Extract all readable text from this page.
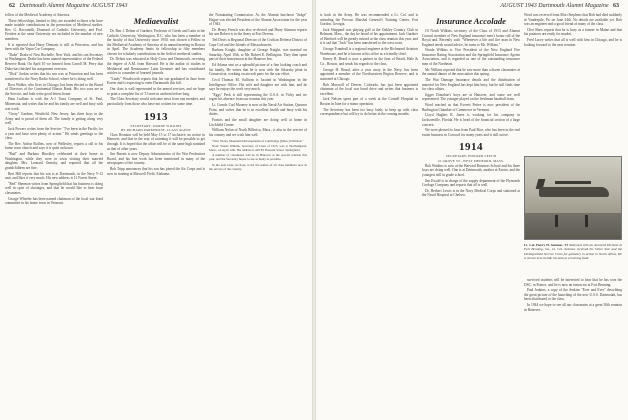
62 Dartmouth Alumni Magazine AUGUST 1943

fellow of the Medieval Academy of America.

These fellowships, limited to fifty, are awarded to those who have made notable contributions in the promotion of Medieval studies. Rev. G. Raccanelli, Donnard of Catholic University, and Prof. Ferrière at the same University are included in the number of new members.

It is reported that Harry Demaris is still at Princeton, and has been with the Vapor Car Company.

"Duke" Drake of New Rochelle, New York, and his son Secretary in Washington. Drake has been named representative of the Federal Reserve Bank. On April 10 we learned from Carroll M. Perry that Duke has finished his assignment overseas.

"Dick" Jordan writes that his son was at Princeton and has been transferred to the Navy Radio School, where he is doing well.

Ross Walker, who lives in Chicago, has been elected to the Board of Directors of the Continental Illinois Bank. His two sons are in the Service, and both write good letters home.

Ham Ludlam is with the A-1 Toast Company of St. Paul, Minnesota, and writes that he and his family are well and busy with war work.

"Gerry" Gardner, Westfield, New Jersey, has three boys in the Army and is proud of them all. The family is getting along very well.

Jack Powers writes from the Service: "I've been in the Pacific for a year and have seen plenty of action." He sends greetings to the class.

The Rev. Arthur Rollins, now of Wellesley, reports a call to his home town church and says it is quite an honor.

"Bud" and Barbara Hinckley celebrated at their home in Washington, while they were in town visiting their married daughter, Mrs. Leonard Ormsby, and reported that all the grandchildren are fine.

Bert Hill reports that his son is at Dartmouth, in the Navy V-12 unit, and likes it very much. His new address is 11 Forest Street.

"Red" Sherman writes from Springfield that his business is doing well in spite of shortages, and that he would like to hear from classmates.

George Wheeler has been named chairman of the local war bond committee in his home town in Vermont.

Mediaevalist

Dr. Ben J. Dehon of Gardner, Professor of Greek and Latin at the Catholic University, Washington, D.C. who has been a member of the faculty of that University since 1930, was chosen a Fellow in the Mediaeval Academy of America at its annual meeting in Boston in April. The Academy limits its fellowship to fifty members chosen for scholarly contributions in the field of medieval studies.

Dr. Dehon was educated at Holy Cross and Dartmouth, receiving the degree of A.M. from Harvard. He is the author of studies in Mediaeval and Renaissance Latin literature and has contributed articles to a number of learned journals.

"Lindy" Woodworth reports that his son graduated in June from Exeter and is expecting to enter Dartmouth this fall.

Our class is well represented in the armed services, and we hope to print a complete list of '13 men in uniform before long.

The Class Secretary would welcome news from any member, and particularly from those who have not written for some time.

1913
SECRETARY, WARDE WILKINS
BY RICHARD PARKHURST, CLASS AGENT

Class Reunion will be held May 15 to 17 inclusive: no notice in Hanover, and that in the way of rationing it will be possible to get through. It is hoped that the affair will be of the same high standard as that of other years.

Jim Barrett is now Deputy Administrator of the War Production Board, and his fine work has been mentioned in many of the newspapers of the country.

Bob Tripp announces that his son has joined the Air Corps and is now in training at Maxwell Field, Alabama.

the Nominating Commission. As the Alumni luncheon "Judge" Hague was elected President of the Alumni Association for the year of 1943.

Dr. Henry French was also re-elected and Harry Stimson reports his son Robert is in the Army at Fort Devens.

Ted Davis is Regional Director of the Civilian Defense District of Cape Cod and the Islands of Massachusetts.

Barbara Knight, daughter of George Knight, was married on Saturday, April 10th, to Mr. Robert E. Bellington. They then spent part of their honeymoon at the Hanover Inn.

Ed Adams sent us a splendid picture of a fine looking coach and his family. He writes that he is now with the Sikorsky plant in Connecticut, working on aircraft parts for the war effort.

Cecil Thomas M. Sullivan is located in Washington in the Intelligence Office. His wife and daughter are with him, and he says he enjoys the work very much.

"Eggs" Peck is still representing the U.S.A. in Vichy and we regret his absence from our reunion this year.

Lt. Comdr. Carl Mooney is now at the Naval Air Station, Quonset Point, and writes that he is in excellent health and busy with his duties.

Francis and the small daughter are doing well at home in Litchfield Center.

William Nolan of North Billerica, Mass., is also in the service of his country and we wish him well.

"New Notes, Mountain Developments of Cambridge (Mass.) Division."

Note: Warde Wilkins, Secretary of Class of 1913, was at Northampton, Mass., on April 12th. His address is still 85 Pleasant Street, Springfield.

A number of classmates will be in Hanover at the special reunion this year, and the Secretary hopes to see as many as possible.

In the next issue we hope to list the names of all class members now in the service of the country.

AUGUST 1943 Dartmouth Alumni Magazine 63

is back in the Army. He was recommended a Lt. Col. and is attending the Provost Marshal General's Training Center, Fort Gordon, Georgia.

Jack Sheppard was playing golf at the Oakley Country Club in Belmont, Mass., the day he heard of his appointment. Jack Gardner of Hartford will be greatly missed at the class reunion this year, and it is sad that "Jack" has been transferred to the west coast.

George Trumbull is a regional engineer at the Richmond Aviation Warehouse, and he is known at his office as a friendly chief.

Emery R. Beard is now a partner in the firm of Beard, Hale & Co., Boston, and sends his regards to the class.

George H. Beard, after a year away in the Navy, has been appointed a member of the Northwestern Region Reserve, and is stationed at Chicago.

Bob Maxwell of Denver, Colorado, has just been appointed chairman of the local war bond drive and writes that business is excellent.

Jack Nelson spent part of a week at the Cornell Hospital in Boston in June for a minor operation.

The Secretary has been too busy lately to keep up with class correspondence but will try to do better in the coming months.

Insurance Accolade

Of North Wilkins, secretary of the Class of 1913 and Alumni Council member of New England insurance men's honor roll of the Royal and. Recently said: "Whenever a life and fire man in New England needs sound advice, he turns to Mr. Wilkins."

Warde Wilkins is Vice President of the New England Fire Insurance Rating Association and the Springfield Insurance Agents Association, and is regarded as one of the outstanding insurance men of the Northeast.

Mr. Wilkins reported that he saw more than a dozen classmates at the annual dinner of the association this spring.

The War Damage Insurance details and the distribution of material for New England has kept him busy, but he still finds time for class affairs.

Jigger Donahue's boys are at Hanover, and some are well represented. The younger played on the freshman baseball team.

Word reached us that Everett Pettee is now president of the Burlington Chamber of Commerce in Vermont.

Lloyd Hughes R. Jones is working for his company in Jacksonville, Florida. He is head of the financial section of a large concern.

We were pleased to hear from Paul Rice, who has been in the real estate business in Concord for many years and is still active.

1914
SECRETARY, EDWARD LEECH
41 GROVE ST., WEST MEDFORD, MASS.

Bob Watkins is now at the Harvard Business School and his three boys are doing well. One is at Dartmouth, another at Exeter, and the youngest still in grade school.

Jim Ewald is in charge of the supply department of the Plymouth Cordage Company and reports that all is well.

Dr. Herbert Lewis is in the Navy Medical Corps and stationed at the Naval Hospital at Chelsea.

Word was received from Mort Stephens that Bob had died suddenly in Vanderpile, Pa. on June 24th. No details are available yet. Bob was an engineer and a good friend of many of the class.

Chet Shaw reports that he is busy as a farmer in Maine and that his potatoes are ready for market.

Fred Lacey writes that all is well with him in Chicago, and he is looking forward to the next reunion.

Lt. Col. Harry H. Semmes '13 Stationed with an Armored Division at Fort Benning, Ga., Lt. Col. Semmes received the Silver Star and the Distinguished Service Cross for gallantry in action in North Africa. He is shown here beside his tank at a training field.

survived students will be interested to hear that he has won the DSC, in France, and he is now an instructor at Fort Benning.

Paul Jenkins, a copy of the Jenkins "Ever and Ever" describing the great picture of the launching of the new U.S.S. Dartmouth, has been distributed to the class.

In 1944 we hope to see all our classmates at a great 30th reunion in Hanover.
